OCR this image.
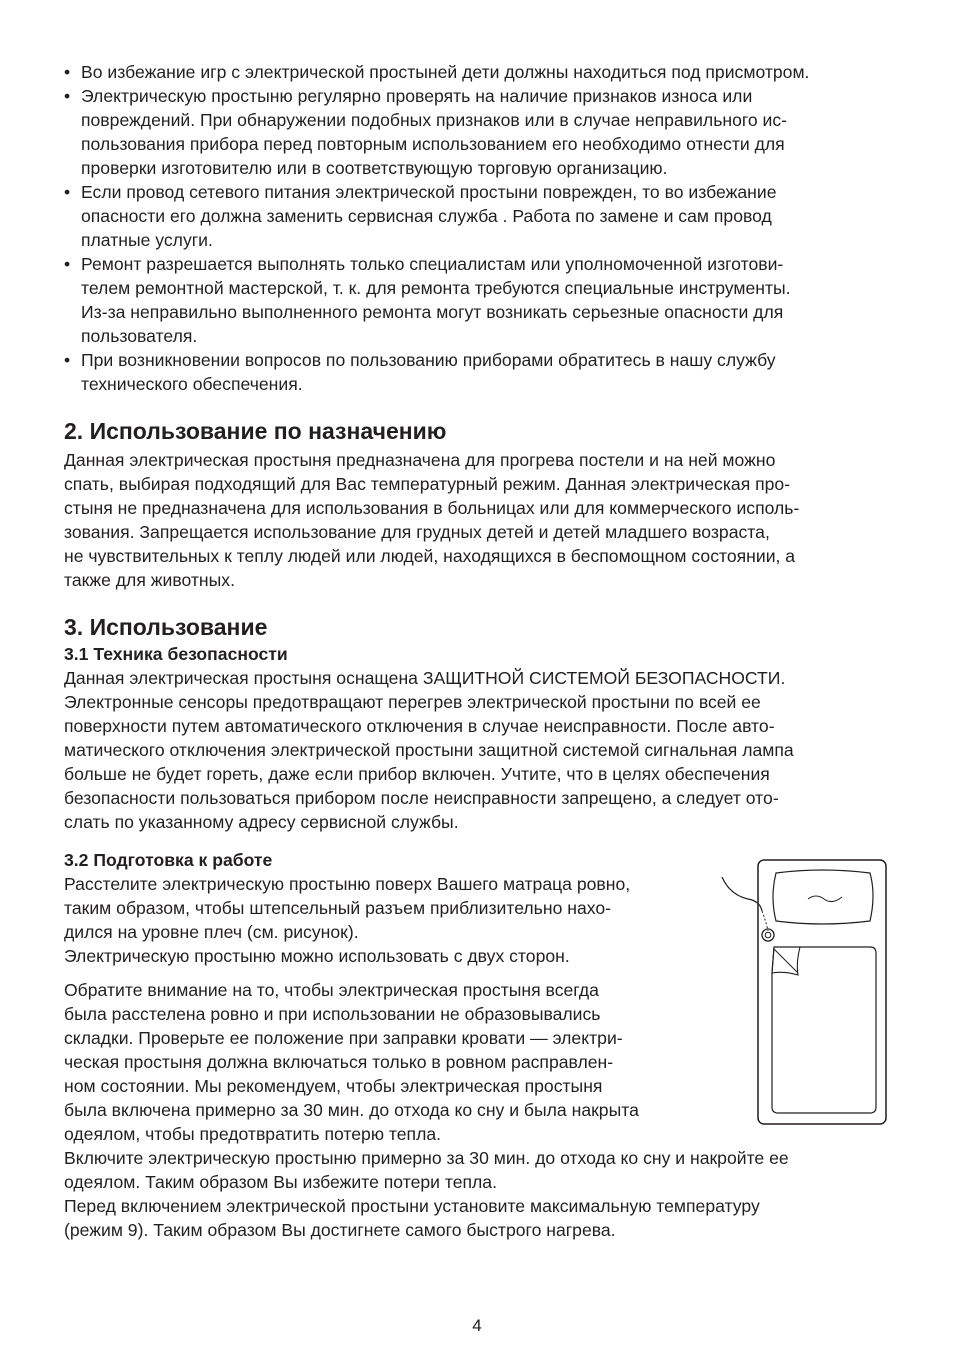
• Во избежание игр с электрической простыней дети должны находиться под присмотром.
• Электрическую простыню регулярно проверять на наличие признаков износа или
повреждений. При обнаружении подобных признаков или в случае неправильного ис-
пользования прибора перед повторным использованием его необходимо отнести для
проверки изготовителю или в соответствующую торговую организацию.
• Если провод сетевого питания электрической простыни поврежден, то во избежание
опасности его должна заменить сервисная служба . Работа по замене и сам провод
платные услуги.
• Ремонт разрешается выполнять только специалистам или уполномоченной изготови-
телем ремонтной мастерской, т. к. для ремонта требуются специальные инструменты.
Из-за неправильно выполненного ремонта могут возникать серьезные опасности для
пользователя.
• При возникновении вопросов по пользованию приборами обратитесь в нашу службу
технического обеспечения.
2. Использование по назначению
Данная электрическая простыня предназначена для прогрева постели и на ней можно
спать, выбирая подходящий для Вас температурный режим. Данная электрическая про-
стыня не предназначена для использования в больницах или для коммерческого исполь-
зования. Запрещается использование для грудных детей и детей младшего возраста,
не чувствительных к теплу людей или людей, находящихся в беспомощном состоянии, а
также для животных.
3. Использование
3.1 Техника безопасности
Данная электрическая простыня оснащена ЗАЩИТНОЙ СИСТЕМОЙ БЕЗОПАСНОСТИ.
Электронные сенсоры предотвращают перегрев электрической простыни по всей ее
поверхности путем автоматического отключения в случае неисправности. После авто-
матического отключения электрической простыни защитной системой сигнальная лампа
больше не будет гореть, даже если прибор включен. Учтите, что в целях обеспечения
безопасности пользоваться прибором после неисправности запрещено, а следует ото-
слать по указанному адресу сервисной службы.
3.2 Подготовка к работе
Расстелите электрическую простыню поверх Вашего матраца ровно,
таким образом, чтобы штепсельный разъем приблизительно нахо-
дился на уровне плеч (см. рисунок).
Электрическую простыню можно использовать с двух сторон.
Обратите внимание на то, чтобы электрическая простыня всегда
была расстелена ровно и при использовании не образовывались
складки. Проверьте ее положение при заправки кровати — электри-
ческая простыня должна включаться только в ровном расправлен-
ном состоянии. Мы рекомендуем, чтобы электрическая простыня
была включена примерно за 30 мин. до отхода ко сну и была накрыта
одеялом, чтобы предотвратить потерю тепла.
Включите электрическую простыню примерно за 30 мин. до отхода ко сну и накройте ее
одеялом. Таким образом Вы избежите потери тепла.
Перед включением электрической простыни установите максимальную температуру
(режим 9). Таким образом Вы достигнете самого быстрого нагрева.
4
